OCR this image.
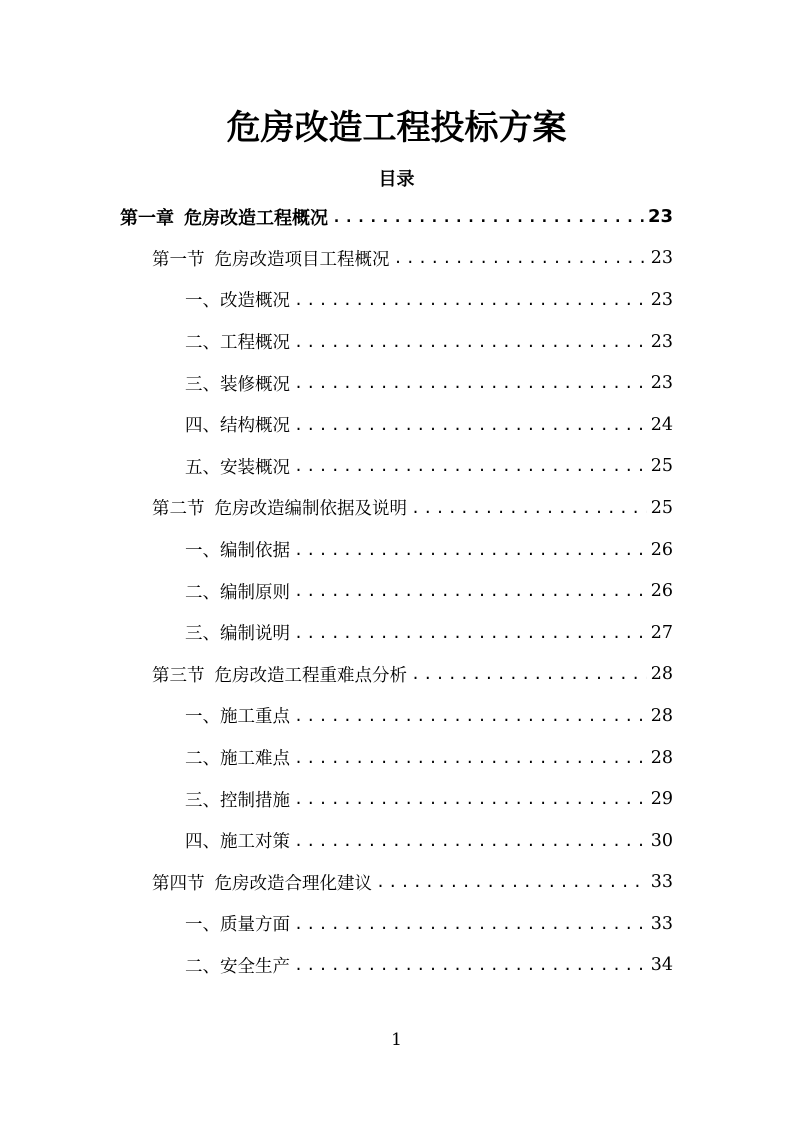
危房改造工程投标方案
目录
第一章 危房改造工程概况 .....	23
第一节 危房改造项目工程概况 .....	23
一、改造概况 .....	23
二、工程概况 .....	23
三、装修概况 .....	23
四、结构概况 .....	24
五、安装概况 .....	25
第二节 危房改造编制依据及说明 .....	25
一、编制依据 .....	26
二、编制原则 .....	26
三、编制说明 .....	27
第三节 危房改造工程重难点分析 .....	28
一、施工重点 .....	28
二、施工难点 .....	28
三、控制措施 .....	29
四、施工对策 .....	30
第四节 危房改造合理化建议 .....	33
一、质量方面 .....	33
二、安全生产 .....	34
1
